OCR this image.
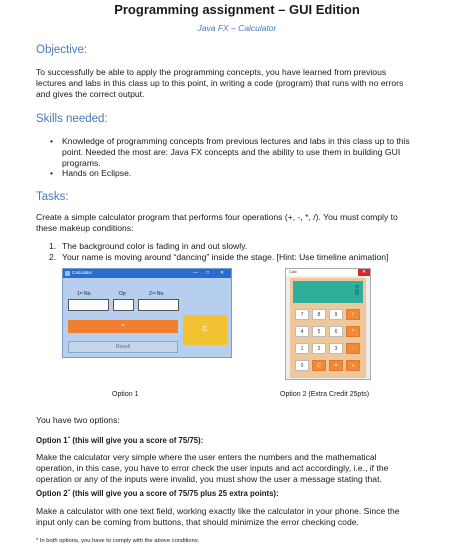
Programming assignment – GUI Edition
Java FX – Calculator
Objective:
To successfully be able to apply the programming concepts, you have learned from previous
lectures and labs in this class up to this point, in writing a code (program) that runs with no errors
and gives the correct output.
Skills needed:
• Knowledge of programming concepts from previous lectures and labs in this class up to this
point. Needed the most are: Java FX concepts and the ability to use them in building GUI
programs.
• Hands on Eclipse.
Tasks:
Create a simple calculator program that performs four operations (+, -, *, /). You must comply to
these makeup conditions:
1. The background color is fading in and out slowly.
2. Your name is moving around “dancing” inside the stage. [Hint: Use timeline animation]
Calculator	— □ ✕
1ˢᵗ No.	Op	2ⁿᵈ No.
=
Result
C
Option 1
Calc	✕
0.00
7	8	9	/
4	5	6	*
1	2	3	-
0	C	=	+
Option 2 (Extra Credit 25pts)
You have two options:
Option 1ˇ (this will give you a score of 75/75):
Make the calculator very simple where the user enters the numbers and the mathematical
operation, in this case, you have to error check the user inputs and act accordingly, i.e., if the
operation or any of the inputs were invalid, you must show the user a message stating that.
Option 2ˇ (this will give you a score of 75/75 plus 25 extra points):
Make a calculator with one text field, working exactly like the calculator in your phone. Since the
input only can be coming from buttons, that should minimize the error checking code.
* In both options, you have to comply with the above conditions.
